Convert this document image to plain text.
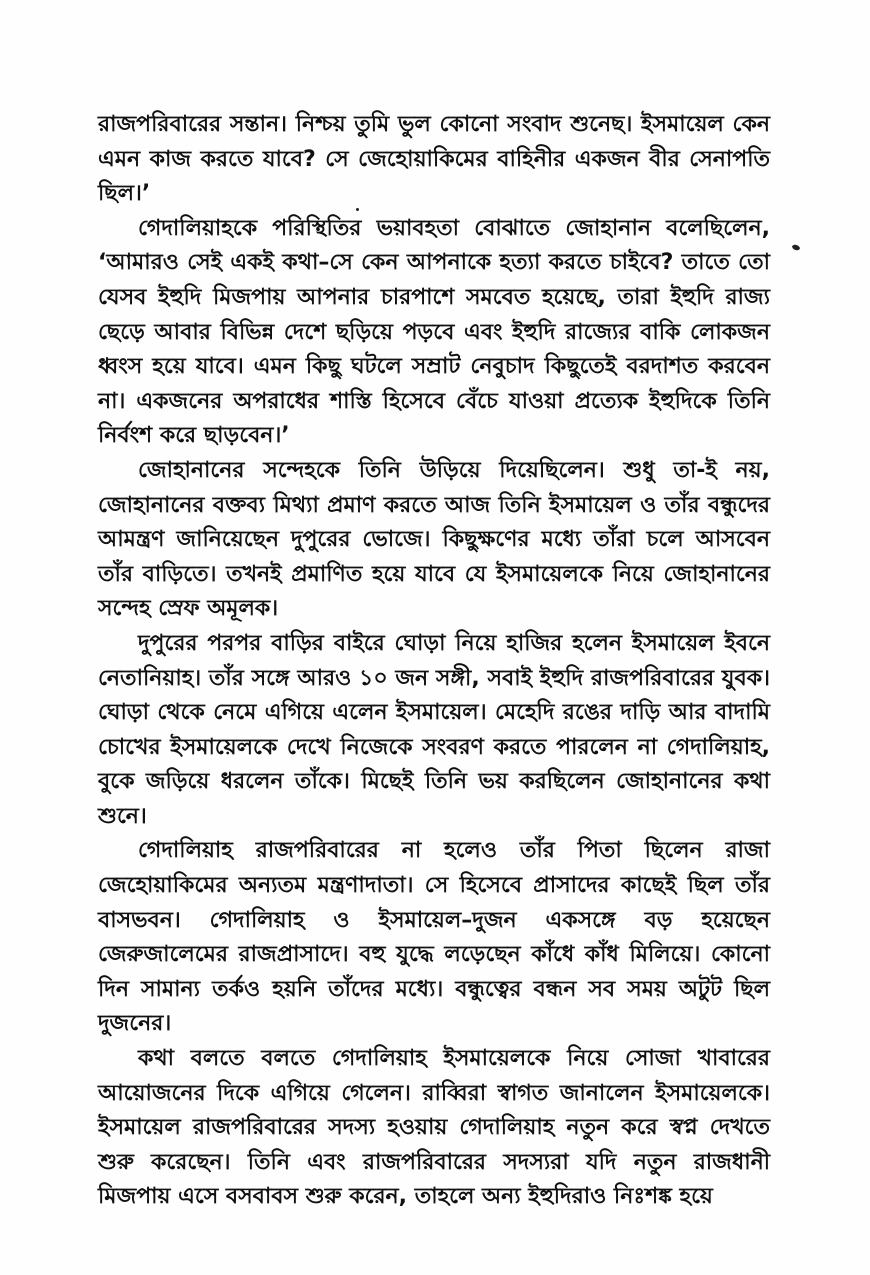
রাজপরিবারের সন্তান। নিশ্চয় তুমি ভুল কোনো সংবাদ শুনেছ। ইসমায়েল কেন এমন কাজ করতে যাবে? সে জেহোয়াকিমের বাহিনীর একজন বীর সেনাপতি ছিল।’

গেদালিয়াহকে পরিস্থিতির ভয়াবহতা বোঝাতে জোহানান বলেছিলেন, ‘আমারও সেই একই কথা–সে কেন আপনাকে হত্যা করতে চাইবে? তাতে তো যেসব ইহুদি মিজপায় আপনার চারপাশে সমবেত হয়েছে, তারা ইহুদি রাজ্য ছেড়ে আবার বিভিন্ন দেশে ছড়িয়ে পড়বে এবং ইহুদি রাজ্যের বাকি লোকজন ধ্বংস হয়ে যাবে। এমন কিছু ঘটলে সম্রাট নেবুচাদ কিছুতেই বরদাশত করবেন না। একজনের অপরাধের শাস্তি হিসেবে বেঁচে যাওয়া প্রত্যেক ইহুদিকে তিনি নির্বংশ করে ছাড়বেন।’

জোহানানের সন্দেহকে তিনি উড়িয়ে দিয়েছিলেন। শুধু তা-ই নয়, জোহানানের বক্তব্য মিথ্যা প্রমাণ করতে আজ তিনি ইসমায়েল ও তাঁর বন্ধুদের আমন্ত্রণ জানিয়েছেন দুপুরের ভোজে। কিছুক্ষণের মধ্যে তাঁরা চলে আসবেন তাঁর বাড়িতে। তখনই প্রমাণিত হয়ে যাবে যে ইসমায়েলকে নিয়ে জোহানানের সন্দেহ স্রেফ অমূলক।

দুপুরের পরপর বাড়ির বাইরে ঘোড়া নিয়ে হাজির হলেন ইসমায়েল ইবনে নেতানিয়াহ। তাঁর সঙ্গে আরও ১০ জন সঙ্গী, সবাই ইহুদি রাজপরিবারের যুবক। ঘোড়া থেকে নেমে এগিয়ে এলেন ইসমায়েল। মেহেদি রঙের দাড়ি আর বাদামি চোখের ইসমায়েলকে দেখে নিজেকে সংবরণ করতে পারলেন না গেদালিয়াহ, বুকে জড়িয়ে ধরলেন তাঁকে। মিছেই তিনি ভয় করছিলেন জোহানানের কথা শুনে।

গেদালিয়াহ রাজপরিবারের না হলেও তাঁর পিতা ছিলেন রাজা জেহোয়াকিমের অন্যতম মন্ত্রণাদাতা। সে হিসেবে প্রাসাদের কাছেই ছিল তাঁর বাসভবন। গেদালিয়াহ ও ইসমায়েল–দুজন একসঙ্গে বড় হয়েছেন জেরুজালেমের রাজপ্রাসাদে। বহু যুদ্ধে লড়েছেন কাঁধে কাঁধ মিলিয়ে। কোনো দিন সামান্য তর্কও হয়নি তাঁদের মধ্যে। বন্ধুত্বের বন্ধন সব সময় অটুট ছিল দুজনের।

কথা বলতে বলতে গেদালিয়াহ ইসমায়েলকে নিয়ে সোজা খাবারের আয়োজনের দিকে এগিয়ে গেলেন। রাব্বিরা স্বাগত জানালেন ইসমায়েলকে। ইসমায়েল রাজপরিবারের সদস্য হওয়ায় গেদালিয়াহ নতুন করে স্বপ্ন দেখতে শুরু করেছেন। তিনি এবং রাজপরিবারের সদস্যরা যদি নতুন রাজধানী মিজপায় এসে বসবাবস শুরু করেন, তাহলে অন্য ইহুদিরাও নিঃশঙ্ক হয়ে
